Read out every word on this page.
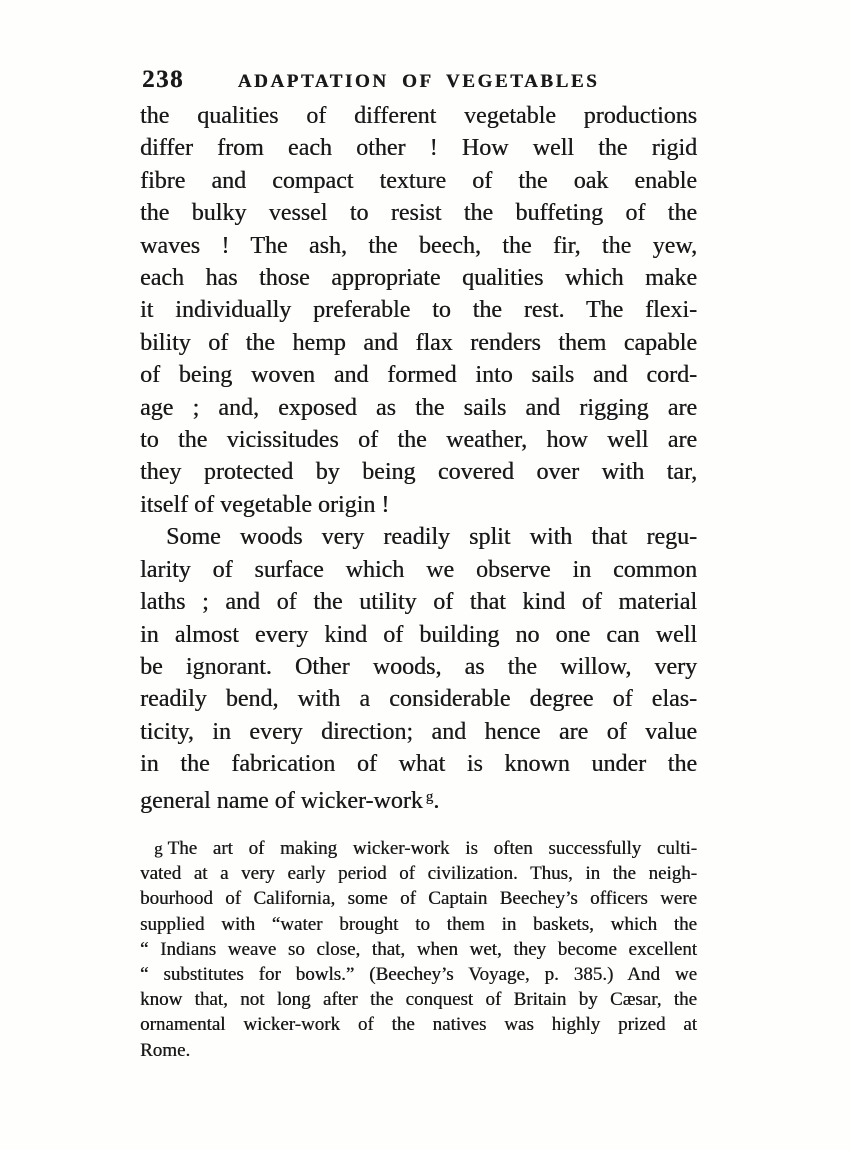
238	ADAPTATION OF VEGETABLES
the qualities of different vegetable productions
differ from each other ! How well the rigid
fibre and compact texture of the oak enable
the bulky vessel to resist the buffeting of the
waves ! The ash, the beech, the fir, the yew,
each has those appropriate qualities which make
it individually preferable to the rest. The flexi-
bility of the hemp and flax renders them capable
of being woven and formed into sails and cord-
age ; and, exposed as the sails and rigging are
to the vicissitudes of the weather, how well are
they protected by being covered over with tar,
itself of vegetable origin !
Some woods very readily split with that regu-
larity of surface which we observe in common
laths ; and of the utility of that kind of material
in almost every kind of building no one can well
be ignorant. Other woods, as the willow, very
readily bend, with a considerable degree of elas-
ticity, in every direction; and hence are of value
in the fabrication of what is known under the
general name of wicker-work $^g$.
g The art of making wicker-work is often successfully culti-
vated at a very early period of civilization. Thus, in the neigh-
bourhood of California, some of Captain Beechey’s officers were
supplied with “water brought to them in baskets, which the
“ Indians weave so close, that, when wet, they become excellent
“ substitutes for bowls.” (Beechey’s Voyage, p. 385.) And we
know that, not long after the conquest of Britain by Cæsar, the
ornamental wicker-work of the natives was highly prized at
Rome.
